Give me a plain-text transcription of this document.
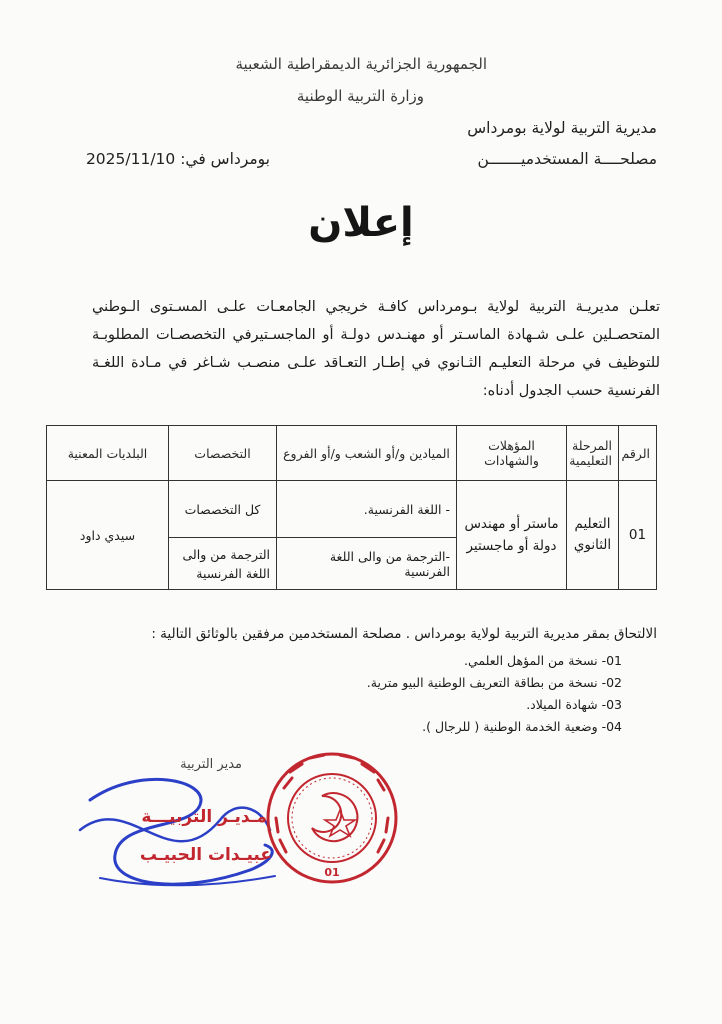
الجمهورية الجزائرية الديمقراطية الشعبية
وزارة التربية الوطنية
مديرية التربية لولاية بومرداس
مصلحــــة المستخدميـــــــن
بومرداس في: 2025/11/10
إعلان
تعلـن مديريـة التربية لولاية بـومرداس كافـة خريجي الجامعـات علـى المسـتوى الـوطني المتحصـلين علـى شـهادة الماسـتر أو مهنـدس دولـة أو الماجسـتيرفي التخصصـات المطلوبـة للتوظيف في مرحلة التعليـم الثـانوي في إطـار التعـاقد علـى منصـب شـاغر في مـادة اللغـة الفرنسية حسب الجدول أدناه:
الرقم	المرحلة التعليمية	المؤهلات والشهادات	الميادين و/أو الشعب و/أو الفروع	التخصصات	البلديات المعنية
01	التعليم الثانوي	ماستر أو مهندس دولة أو ماجستير	- اللغة الفرنسية.	كل التخصصات	سيدي داود
			-الترجمة من والى اللغة الفرنسية	الترجمة من والى اللغة الفرنسية	
الالتحاق بمقر مديرية التربية لولاية بومرداس . مصلحة المستخدمين مرفقين بالوثائق التالية :
01- نسخة من المؤهل العلمي.
02- نسخة من بطاقة التعريف الوطنية البيو مترية.
03- شهادة الميلاد.
04- وضعية الخدمة الوطنية ( للرجال ).
مدير التربية
مـديـر التربيـــة
عبيـدات الحبيـب
01
